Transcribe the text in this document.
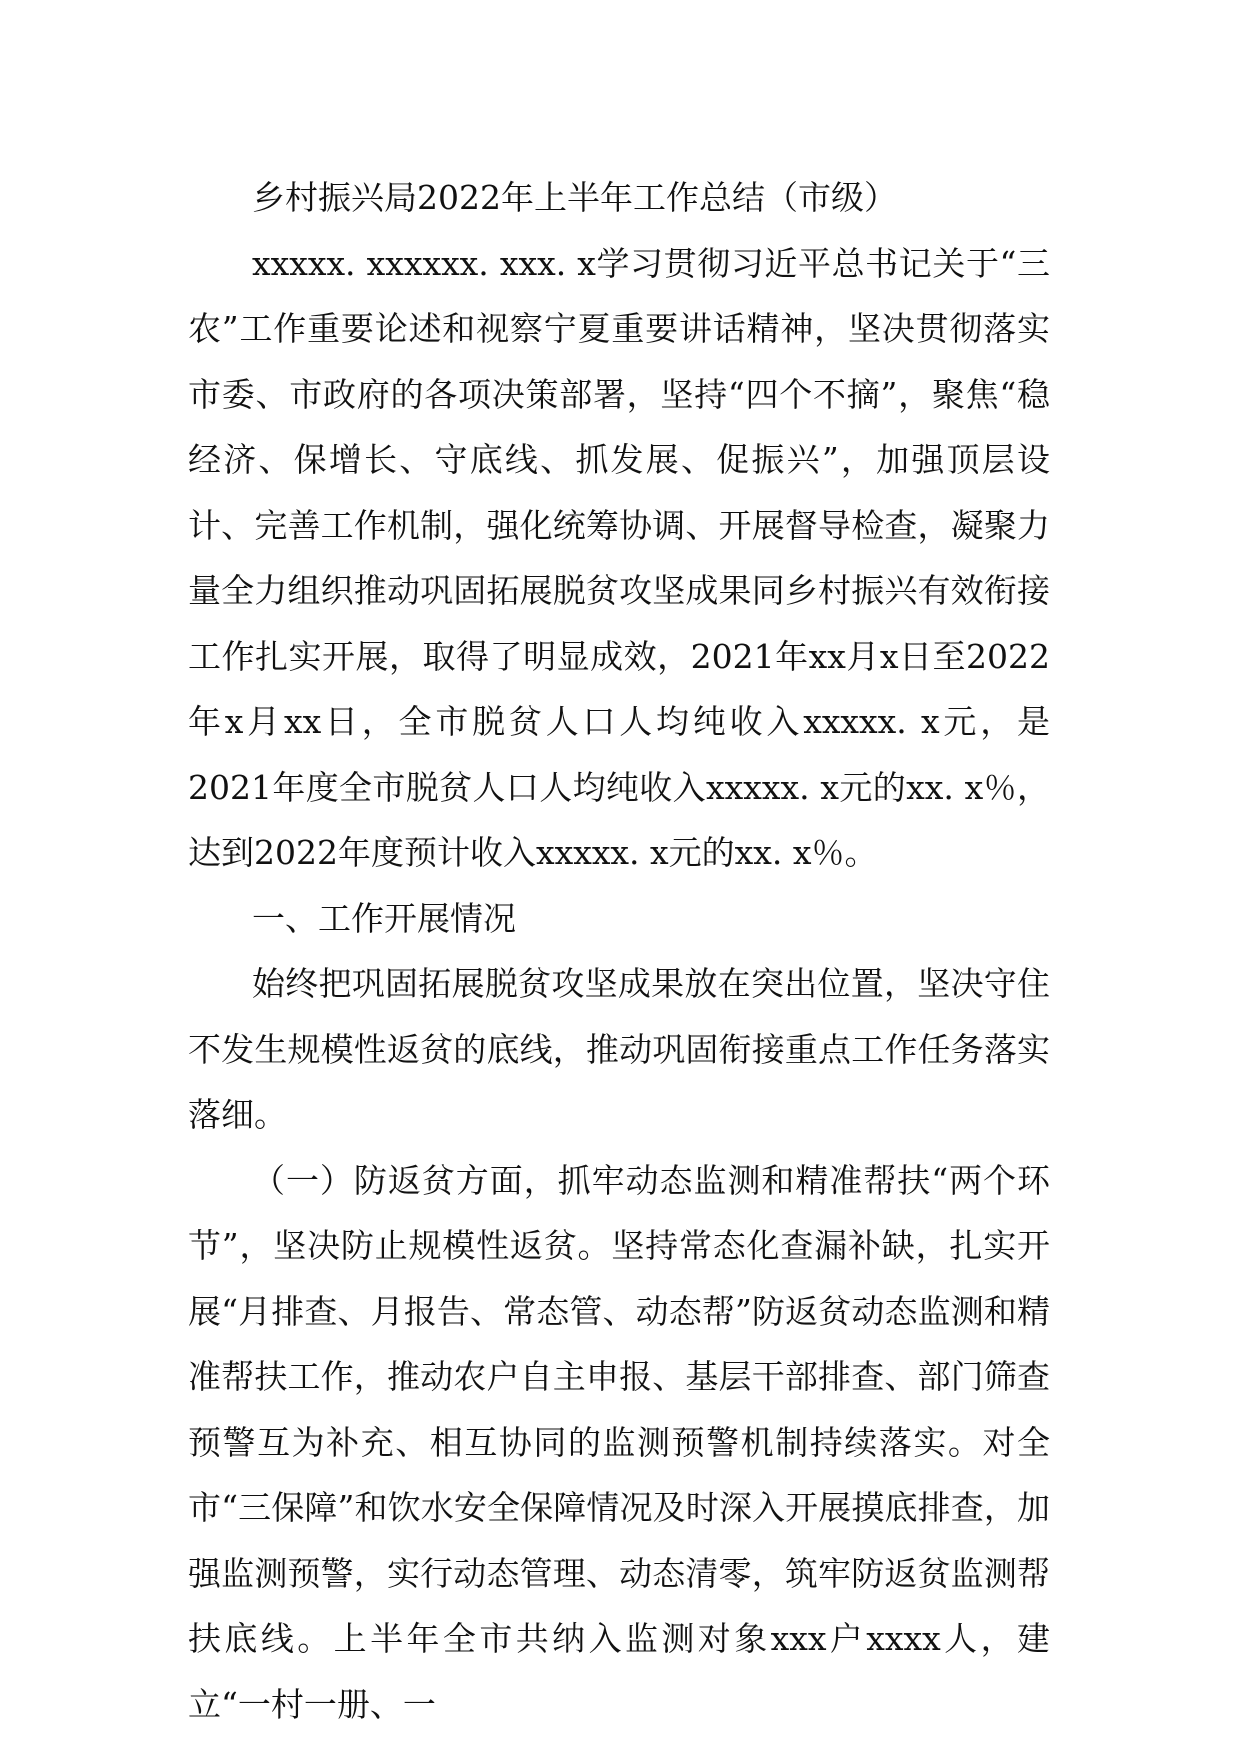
乡村振兴局2022年上半年工作总结（市级）

xxxxx. xxxxxx. xxx. x学习贯彻习近平总书记关于“三农”工作重要论述和视察宁夏重要讲话精神，坚决贯彻落实市委、市政府的各项决策部署，坚持“四个不摘”，聚焦“稳经济、保增长、守底线、抓发展、促振兴”，加强顶层设计、完善工作机制，强化统筹协调、开展督导检查，凝聚力量全力组织推动巩固拓展脱贫攻坚成果同乡村振兴有效衔接工作扎实开展，取得了明显成效，2021年xx月x日至2022年x月xx日，全市脱贫人口人均纯收入xxxxx. x元，是2021年度全市脱贫人口人均纯收入xxxxx. x元的xx. x％，达到2022年度预计收入xxxxx. x元的xx. x％。

一、工作开展情况

始终把巩固拓展脱贫攻坚成果放在突出位置，坚决守住不发生规模性返贫的底线，推动巩固衔接重点工作任务落实落细。

（一）防返贫方面，抓牢动态监测和精准帮扶“两个环节”，坚决防止规模性返贫。坚持常态化查漏补缺，扎实开展“月排查、月报告、常态管、动态帮”防返贫动态监测和精准帮扶工作，推动农户自主申报、基层干部排查、部门筛查预警互为补充、相互协同的监测预警机制持续落实。对全市“三保障”和饮水安全保障情况及时深入开展摸底排查，加强监测预警，实行动态管理、动态清零，筑牢防返贫监测帮扶底线。上半年全市共纳入监测对象xxx户xxxx人，建立“一村一册、一
